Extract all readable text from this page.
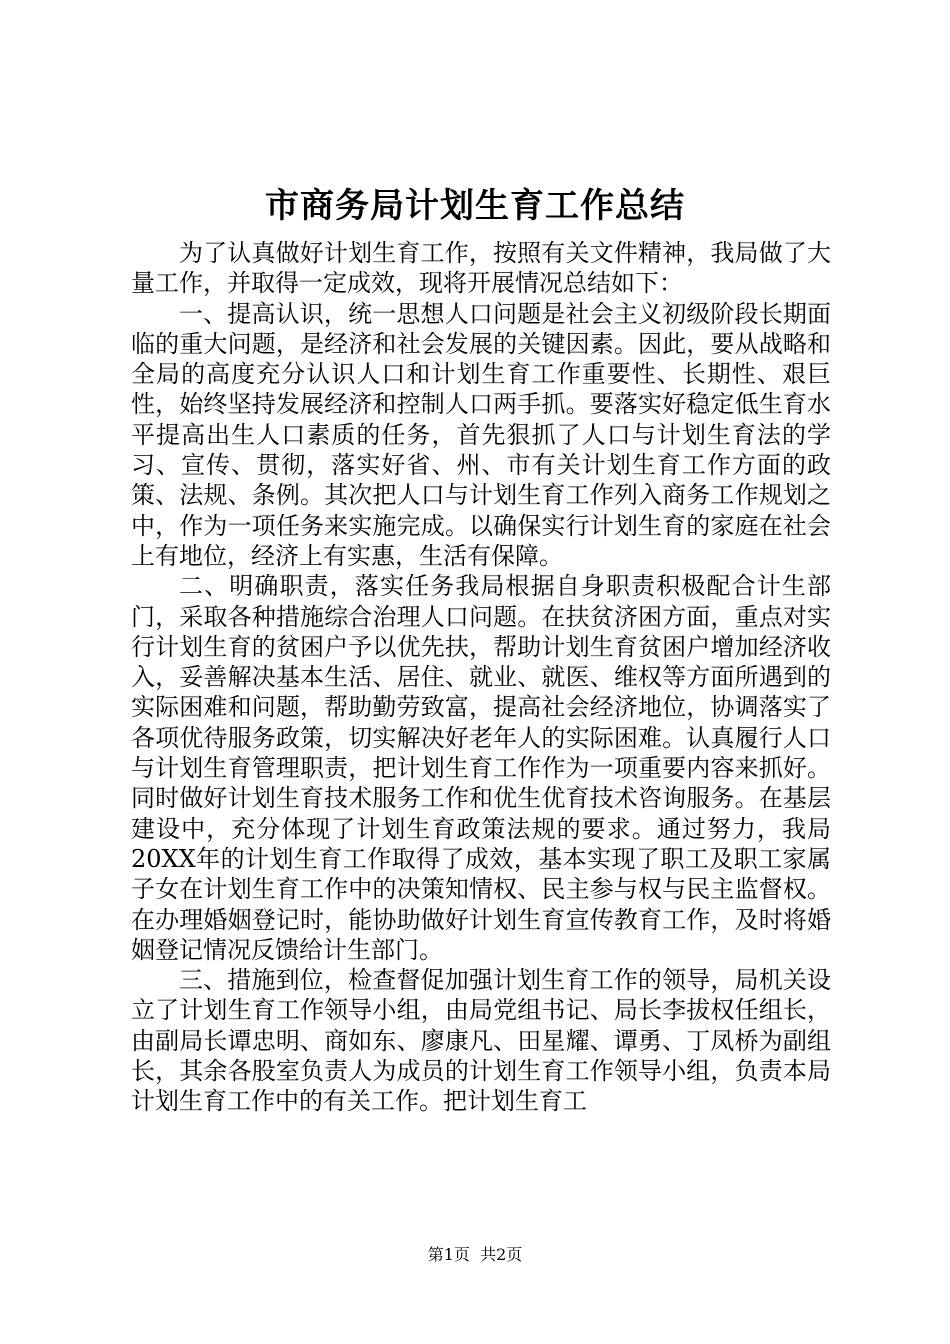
市商务局计划生育工作总结

为了认真做好计划生育工作，按照有关文件精神，我局做了大量工作，并取得一定成效，现将开展情况总结如下：

一、提高认识，统一思想人口问题是社会主义初级阶段长期面临的重大问题，是经济和社会发展的关键因素。因此，要从战略和全局的高度充分认识人口和计划生育工作重要性、长期性、艰巨性，始终坚持发展经济和控制人口两手抓。要落实好稳定低生育水平提高出生人口素质的任务，首先狠抓了人口与计划生育法的学习、宣传、贯彻，落实好省、州、市有关计划生育工作方面的政策、法规、条例。其次把人口与计划生育工作列入商务工作规划之中，作为一项任务来实施完成。以确保实行计划生育的家庭在社会上有地位，经济上有实惠，生活有保障。

二、明确职责，落实任务我局根据自身职责积极配合计生部门，采取各种措施综合治理人口问题。在扶贫济困方面，重点对实行计划生育的贫困户予以优先扶，帮助计划生育贫困户增加经济收入，妥善解决基本生活、居住、就业、就医、维权等方面所遇到的实际困难和问题，帮助勤劳致富，提高社会经济地位，协调落实了各项优待服务政策，切实解决好老年人的实际困难。认真履行人口与计划生育管理职责，把计划生育工作作为一项重要内容来抓好。同时做好计划生育技术服务工作和优生优育技术咨询服务。在基层建设中，充分体现了计划生育政策法规的要求。通过努力，我局20XX年的计划生育工作取得了成效，基本实现了职工及职工家属子女在计划生育工作中的决策知情权、民主参与权与民主监督权。在办理婚姻登记时，能协助做好计划生育宣传教育工作，及时将婚姻登记情况反馈给计生部门。

三、措施到位，检查督促加强计划生育工作的领导，局机关设立了计划生育工作领导小组，由局党组书记、局长李拔权任组长，由副局长谭忠明、商如东、廖康凡、田星耀、谭勇、丁凤桥为副组长，其余各股室负责人为成员的计划生育工作领导小组，负责本局计划生育工作中的有关工作。把计划生育工

第1页 共2页
